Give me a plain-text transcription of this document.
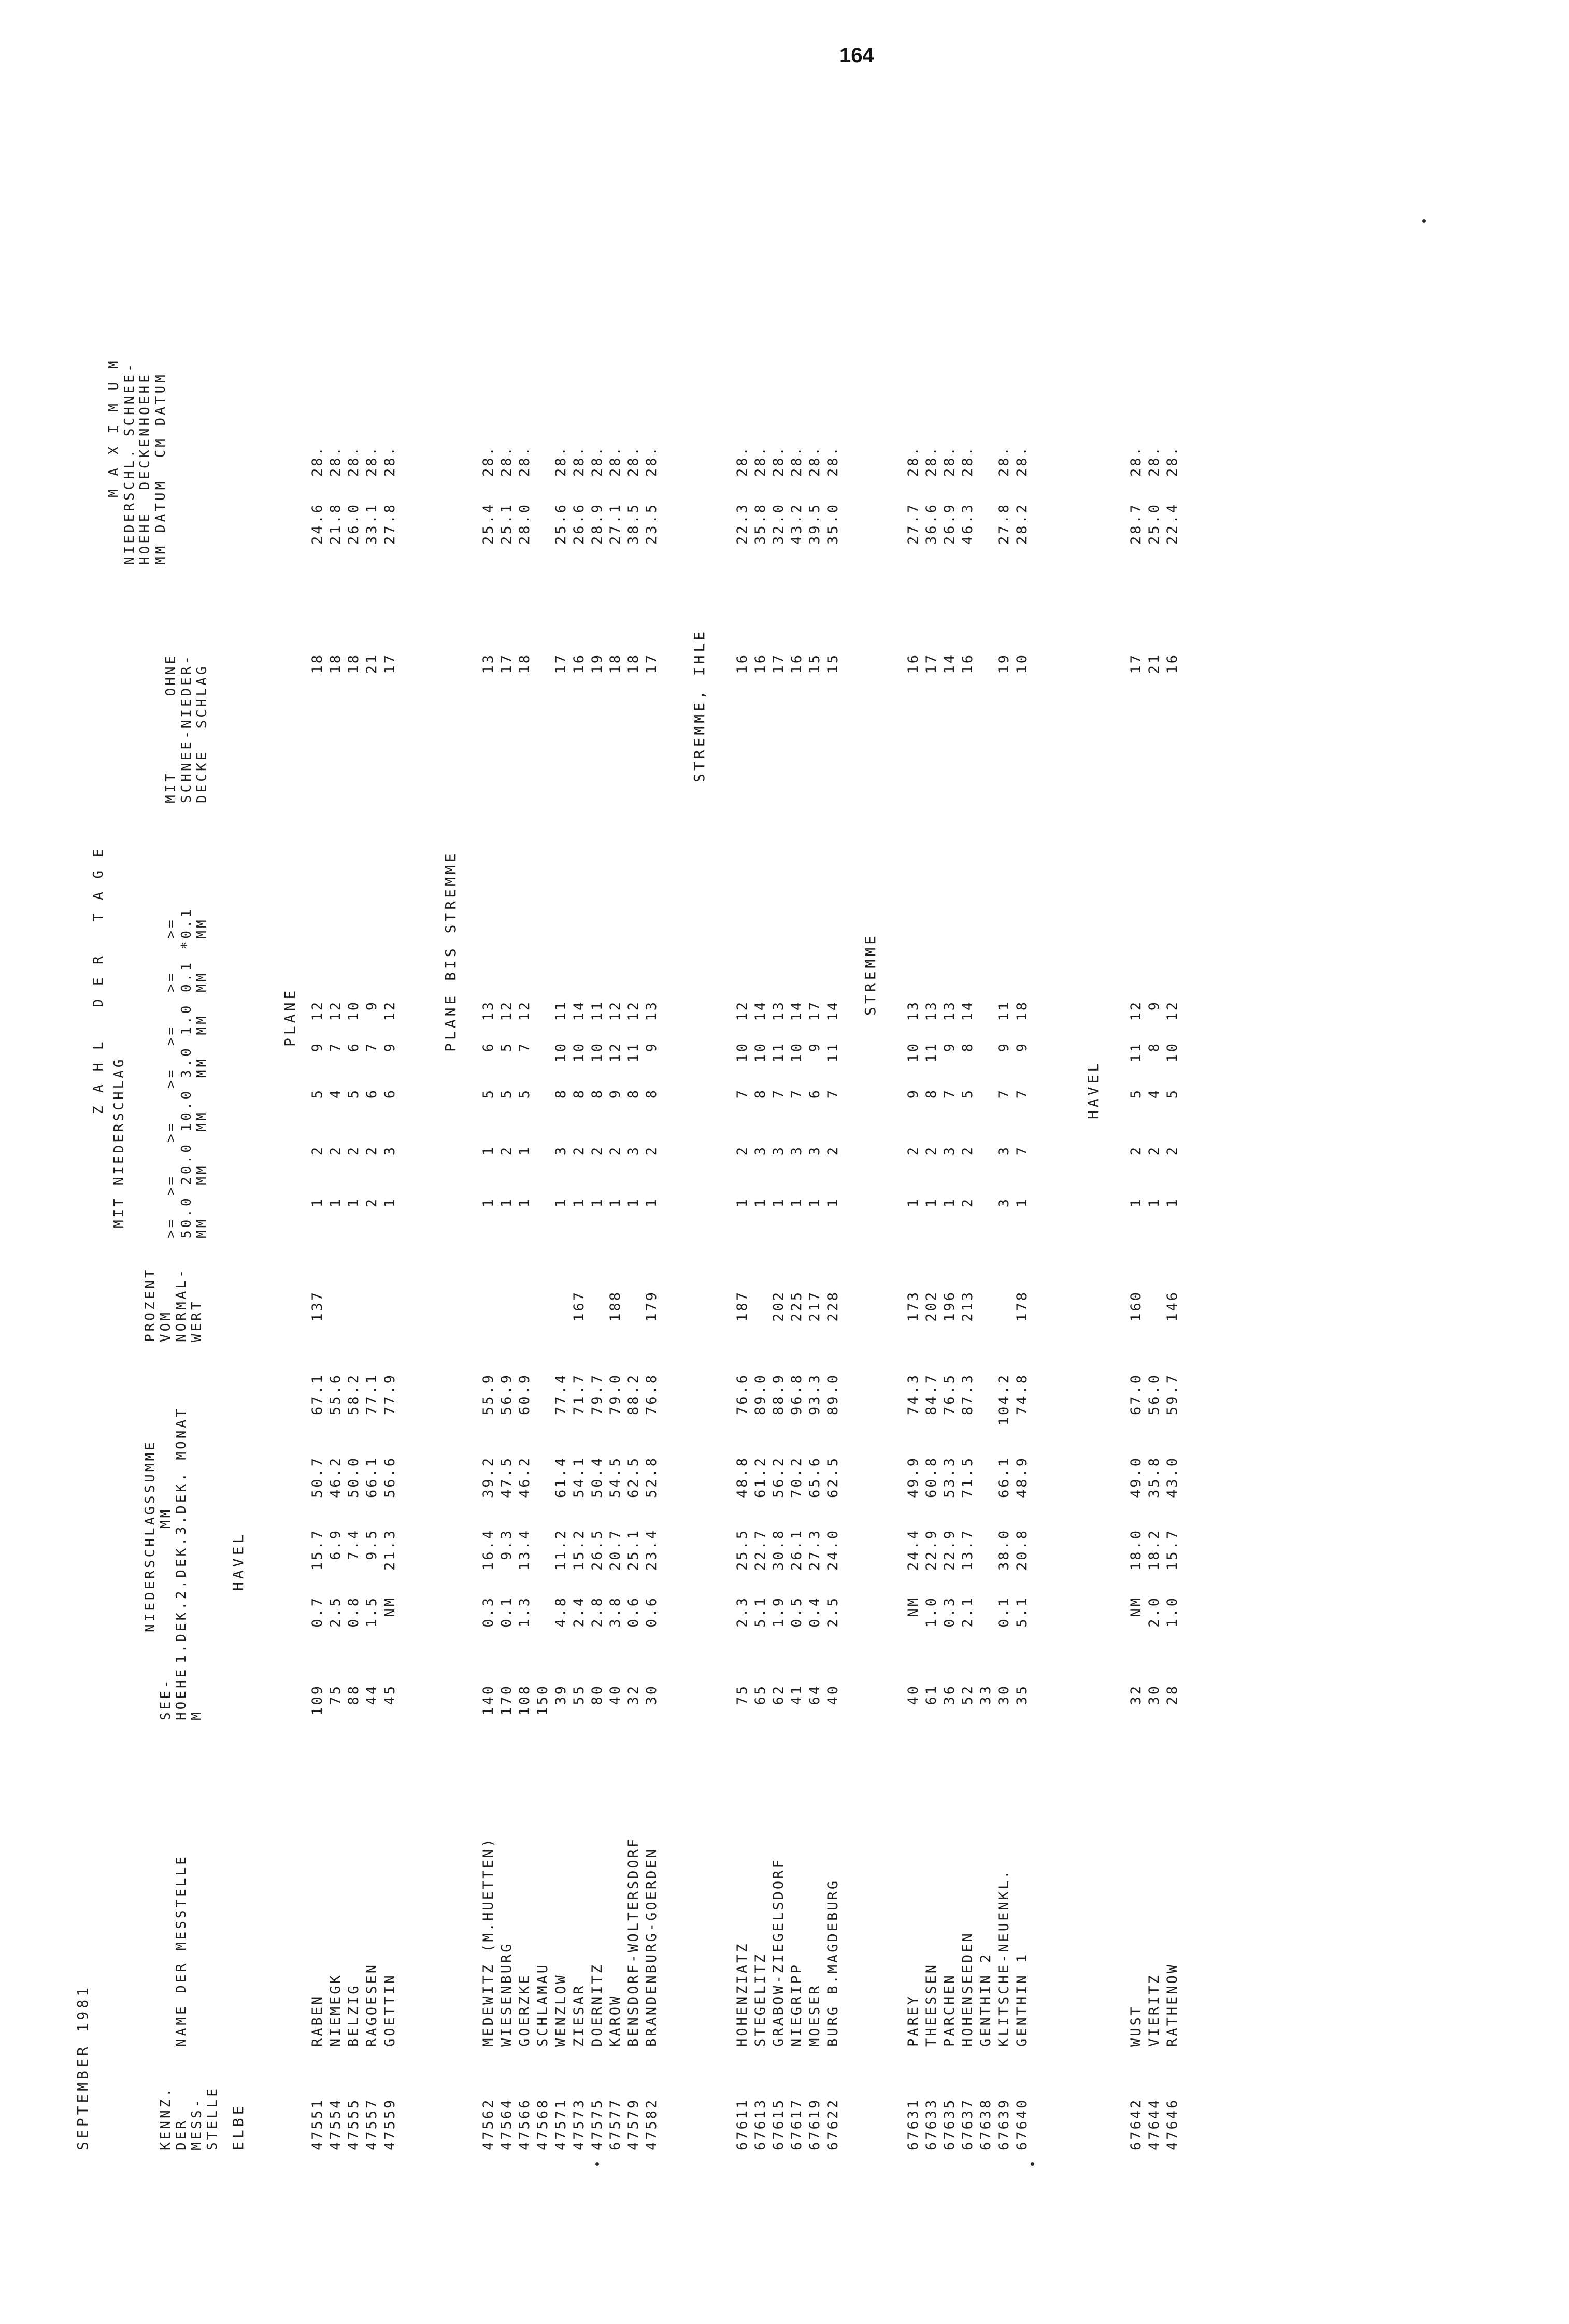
164
SEPTEMBER 1981

	KENNZ. DER MESS- STELLE

NAME DER MESSTELLE

SEE- HOEHE M

NIEDERSCHLAGSSUMME MM

1.DEK.2.DEK.3.DEK. MONAT

PROZENT VOM NORMAL- WERT

Z A H L   D E R   T A G E
MIT NIEDERSCHLAG

	>=  >=   >=   >=  >=   >=   >= 50.0 20.0 10.0 3.0 1.0 0.1 *0.1 MM   MM   MM   MM  MM  MM   MM

MIT       OHNE SCHNEE-NIEDER- DECKE  SCHLAG

M A X I M U M NIEDERSCHL. SCHNEE- HOEHE  DECKENHOEHE MM DATUM  CM DATUM

ELBE
HAVEL
PLANE
47551
RABEN
109
0.7
15.7
50.7
67.1
137
1
2
5
9
12
18
24.6
28.
47554
NIEMEGK
75
2.5
6.9
46.2
55.6
1
2
4
7
12
18
21.8
28.
47555
BELZIG
88
0.8
7.4
50.0
58.2
1
2
5
6
10
18
26.0
28.
47557
RAGOESEN
44
1.5
9.5
66.1
77.1
2
2
6
7
9
21
33.1
28.
47559
GOETTIN
45
NM
21.3
56.6
77.9
1
3
6
9
12
17
27.8
28.
PLANE BIS STREMME
47562
MEDEWITZ (M.HUETTEN)
140
0.3
16.4
39.2
55.9
1
1
5
6
13
13
25.4
28.
47564
WIESENBURG
170
0.1
9.3
47.5
56.9
1
2
5
5
12
17
25.1
28.
47566
GOERZKE
108
1.3
13.4
46.2
60.9
1
1
5
7
12
18
28.0
28.
47568
SCHLAMAU
150
47571
WENZLOW
39
4.8
11.2
61.4
77.4
1
3
8
10
11
17
25.6
28.
47573
ZIESAR
55
2.4
15.2
54.1
71.7
167
1
2
8
10
14
16
26.6
28.
47575
DOERNITZ
80
2.8
26.5
50.4
79.7
1
2
8
10
11
19
28.9
28.
67577
KAROW
40
3.8
20.7
54.5
79.0
188
1
2
9
12
12
18
27.1
28.
47579
BENSDORF-WOLTERSDORF
32
0.6
25.1
62.5
88.2
1
3
8
11
12
18
38.5
28.
47582
BRANDENBURG-GOERDEN
30
0.6
23.4
52.8
76.8
179
1
2
8
9
13
17
23.5
28.
STREMME, IHLE
67611
HOHENZIATZ
75
2.3
25.5
48.8
76.6
187
1
2
7
10
12
16
22.3
28.
67613
STEGELITZ
65
5.1
22.7
61.2
89.0
1
3
8
10
14
16
35.8
28.
67615
GRABOW-ZIEGELSDORF
62
1.9
30.8
56.2
88.9
202
1
3
7
11
13
17
32.0
28.
67617
NIEGRIPP
41
0.5
26.1
70.2
96.8
225
1
3
7
10
14
16
43.2
28.
67619
MOESER
64
0.4
27.3
65.6
93.3
217
1
3
6
9
17
15
39.5
28.
67622
BURG B.MAGDEBURG
40
2.5
24.0
62.5
89.0
228
1
2
7
11
14
15
35.0
28.
STREMME
67631
PAREY
40
NM
24.4
49.9
74.3
173
1
2
9
10
13
16
27.7
28.
67633
THEESSEN
61
1.0
22.9
60.8
84.7
202
1
2
8
11
13
17
36.6
28.
67635
PARCHEN
36
0.3
22.9
53.3
76.5
196
1
3
7
9
13
14
26.9
28.
67637
HOHENSEEDEN
52
2.1
13.7
71.5
87.3
213
2
2
5
8
14
16
46.3
28.
67638
GENTHIN 2
33
67639
KLITSCHE-NEUENKL.
30
0.1
38.0
66.1
104.2
3
3
7
9
11
19
27.8
28.
67640
GENTHIN 1
35
5.1
20.8
48.9
74.8
178
1
7
7
9
18
10
28.2
28.
HAVEL
67642
WUST
32
NM
18.0
49.0
67.0
160
1
2
5
11
12
17
28.7
28.
47644
VIERITZ
30
2.0
18.2
35.8
56.0
1
2
4
8
9
21
25.0
28.
47646
RATHENOW
28
1.0
15.7
43.0
59.7
146
1
2
5
10
12
16
22.4
28.
